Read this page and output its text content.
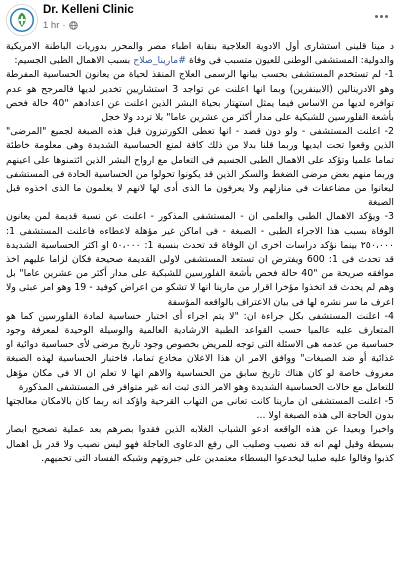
Dr. Kelleni Clinic
1 hr ·

د مينا قلينى استشارى أول الادوية العلاجية بنقابة اطباء مصر والمحرر بدوريات الباطنة الامريكية والدولية: المستشفى الوطنى للعيون متسبب فى وفاة #مارينا_صلاح بسبب الاهمال الطبى الجسيم:

1- لم تستخدم المستشفى بحسب بيانها الرسمى العلاج المنقذ لحياة من يعانون الحساسية المفرطة وهو الادرينالين (الابينفرين) وبما انها اعلنت عن تواجد 3 استشاريين تخدير لديها فالمرجح هو عدم توافره لديها من الاساس فيما يمثل استهتار بحياة البشر الذين اعلنت عن اعدادهم "40 حالة فحص بأشعة الفلورسين للشبكية على مدار أكثر من عشرين عاما" بلا تردد ولا خجل

2- اعلنت المستشفى - ولو دون قصد - انها تعطى الكورتيزون قبل هذه الصبغة لجميع "المرضى" الذين وقعوا تحت ايديها وربما قلنا بدلا من ذلك كافة لمنع الحساسية الشديدة وهى معلومة خاطئة تماما علميا وتؤكد على الاهمال الطبى الجسيم فى التعامل مع ارواح البشر الذين ائتمنوها على اعينهم وربما منهم بعض مرضى الضغط والسكر الذين قد يكونوا تحولوا من الحساسية الحادة فى المستشفى ليعانوا من مضاعفات فى منازلهم ولا يعرفون ما الذى أدى لها لانهم لا يعلمون ما الذى اخذوه قبل الصبغة

3- ويؤكد الاهمال الطبى والعلمى ان - المستشفى المذكور - اعلنت عن نسبة قديمة لمن يعانون الوفاة بسبب هذا الاجراء الطبى - الصبغة - فى اماكن غير مؤهلة لاعطاءه فاعلنت المستشفى 1: ٢٥٠،٠٠٠ بينما نؤكد دراسات اخرى ان الوفاة قد تحدث بنسبة 1: ٥٠،٠٠٠ او اكثر الحساسية الشديدة قد تحدث فى 1: 600 ويفترض ان تستعد المستشفى لاولى القديمة صحيحة فكان لزاما عليهم اخذ موافقه صريحة من "40 حالة فحص بأشعة الفلورسين للشبكية على مدار أكثر من عشرين عاما" بل وهم لم يحدث قد اتخذوا مؤخرا اقرار من مارينا انها لا تشكو من اعراض كوفيد - 19 وهو امر عبثى ولا اعرف ما سر نشره لها فى بيان الاعتراف بالواقعه المؤسفة

4- اعلنت المستشفى بكل جراءة ان: "لا يتم اجراء أى اختبار حساسية لمادة الفلورسين كما هو المتعارف عليه عالميا حسب القواعد الطبية الارشادية العالمية والوسيلة الوحيدة لمعرفة وجود حساسية من عدمه هى الاسئلة التى توجه للمريض بخصوص وجود تاريخ مرضى لأى حساسية دوائية او غذائية أو ضد الصبغات" ووافق الامر ان هذا الاعلان مخادع تماما، فاختبار الحساسية لهذه الصبغة معروف خاصة لو كان هناك تاريخ سابق من الحساسية والاهم انها لا تعلم ان الا فى مكان مؤهل للتعامل مع حالات الحساسية الشديدة وهو الامر الذى ثبت انه غير متوافر فى المستشفى المذكورة

5- اعلنت المستشفى ان مارينا كانت تعانى من التهاب القرحية واؤكد انه ربما كان بالامكان معالجتها بدون الحاجة الى هذه الصبغة اولا ...

واخيرا وبعيدا عن هذه الواقعه ادعو الشباب الغلابه الذين فقدوا بصرهم بعد عملية تصحيح ابصار بسيطة وقيل لهم انه قد نصيب وصليب الى رفع الدعاوى العاجلة فهو ليس نصيب ولا قدر بل اهمال كذبوا وقالوا عليه صليبا ليخدعوا البسطاء معتمدين على جبروتهم وشبكه الفساد التى تحميهم.
